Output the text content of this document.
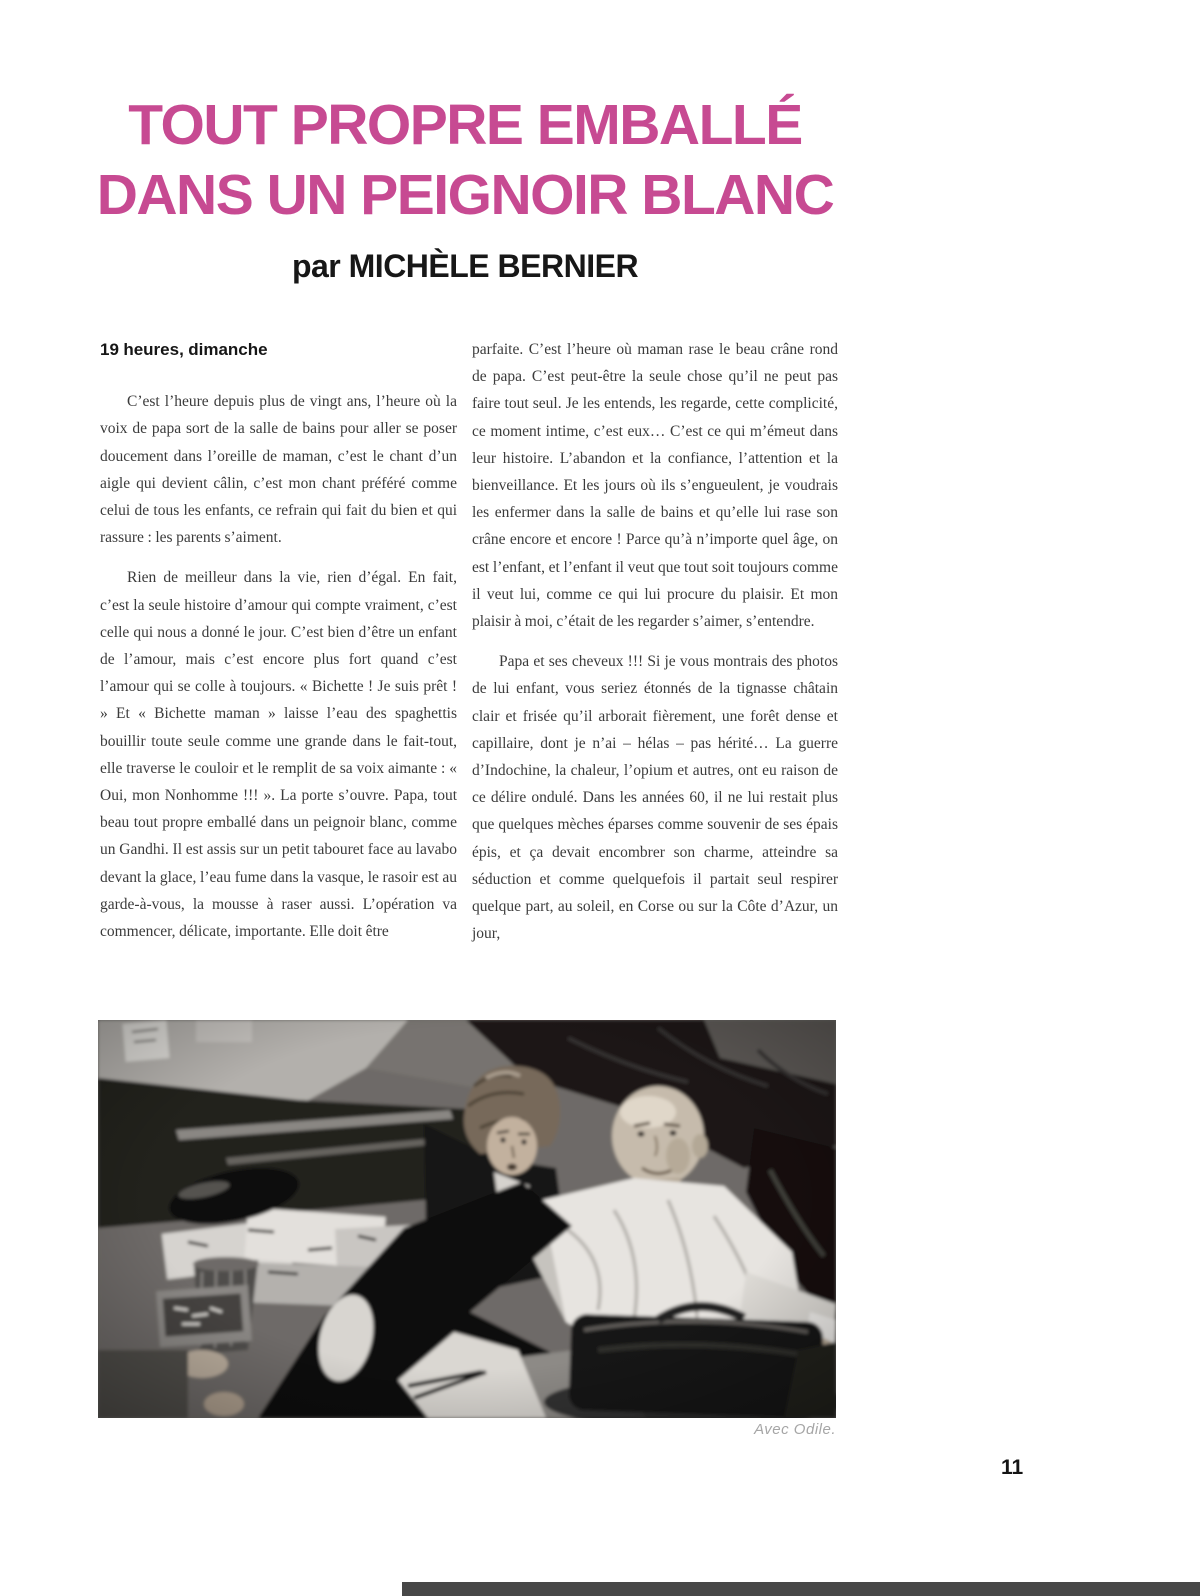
TOUT PROPRE EMBALLÉ
DANS UN PEIGNOIR BLANC
par MICHÈLE BERNIER
19 heures, dimanche

C’est l’heure depuis plus de vingt ans, l’heure où la voix de papa sort de la salle de bains pour aller se poser doucement dans l’oreille de maman, c’est le chant d’un aigle qui devient câlin, c’est mon chant préféré comme celui de tous les enfants, ce refrain qui fait du bien et qui rassure : les parents s’aiment.

Rien de meilleur dans la vie, rien d’égal. En fait, c’est la seule histoire d’amour qui compte vraiment, c’est celle qui nous a donné le jour. C’est bien d’être un enfant de l’amour, mais c’est encore plus fort quand c’est l’amour qui se colle à toujours. « Bichette ! Je suis prêt ! » Et « Bichette maman » laisse l’eau des spaghettis bouillir toute seule comme une grande dans le fait-tout, elle traverse le couloir et le remplit de sa voix aimante : « Oui, mon Nonhomme !!! ». La porte s’ouvre. Papa, tout beau tout propre emballé dans un peignoir blanc, comme un Gandhi. Il est assis sur un petit tabouret face au lavabo devant la glace, l’eau fume dans la vasque, le rasoir est au garde-à-vous, la mousse à raser aussi. L’opération va commencer, délicate, importante. Elle doit être

parfaite. C’est l’heure où maman rase le beau crâne rond de papa. C’est peut-être la seule chose qu’il ne peut pas faire tout seul. Je les entends, les regarde, cette complicité, ce moment intime, c’est eux… C’est ce qui m’émeut dans leur histoire. L’abandon et la confiance, l’attention et la bienveillance. Et les jours où ils s’engueulent, je voudrais les enfermer dans la salle de bains et qu’elle lui rase son crâne encore et encore ! Parce qu’à n’importe quel âge, on est l’enfant, et l’enfant il veut que tout soit toujours comme il veut lui, comme ce qui lui procure du plaisir. Et mon plaisir à moi, c’était de les regarder s’aimer, s’entendre.

Papa et ses cheveux !!! Si je vous montrais des photos de lui enfant, vous seriez étonnés de la tignasse châtain clair et frisée qu’il arborait fièrement, une forêt dense et capillaire, dont je n’ai – hélas – pas hérité… La guerre d’Indochine, la chaleur, l’opium et autres, ont eu raison de ce délire ondulé. Dans les années 60, il ne lui restait plus que quelques mèches éparses comme souvenir de ses épais épis, et ça devait encombrer son charme, atteindre sa séduction et comme quelquefois il partait seul respirer quelque part, au soleil, en Corse ou sur la Côte d’Azur, un jour,

Avec Odile.
11
